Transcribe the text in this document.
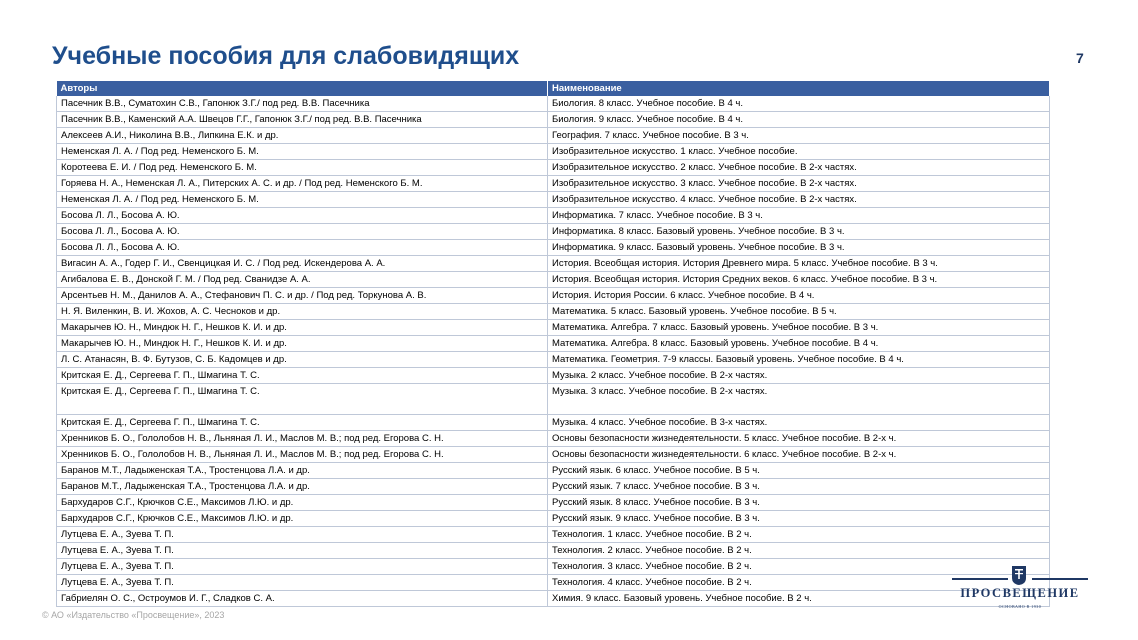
Учебные пособия для слабовидящих	7
Авторы	Наименование
Пасечник В.В., Суматохин С.В., Гапонюк З.Г./ под ред. В.В. Пасечника	Биология. 8 класс. Учебное пособие. В 4 ч.
Пасечник В.В., Каменский А.А. Швецов Г.Г., Гапонюк З.Г./ под ред. В.В. Пасечника	Биология. 9 класс. Учебное пособие. В 4 ч.
Алексеев А.И., Николина В.В., Липкина Е.К. и др.	География. 7 класс. Учебное пособие. В 3 ч.
Неменская Л. А. / Под ред. Неменского Б. М.	Изобразительное искусство. 1 класс. Учебное пособие.
Коротеева Е. И. / Под ред. Неменского Б. М.	Изобразительное искусство. 2 класс. Учебное пособие. В 2-х частях.
Горяева Н. А., Неменская Л. А., Питерских А. С. и др. / Под ред. Неменского Б. М.	Изобразительное искусство. 3 класс. Учебное пособие. В 2-х частях.
Неменская Л. А. / Под ред. Неменского Б. М.	Изобразительное искусство. 4 класс. Учебное пособие. В 2-х частях.
Босова Л. Л., Босова А. Ю.	Информатика. 7 класс. Учебное пособие. В 3 ч.
Босова Л. Л., Босова А. Ю.	Информатика. 8 класс. Базовый уровень. Учебное пособие. В 3 ч.
Босова Л. Л., Босова А. Ю.	Информатика. 9 класс. Базовый уровень. Учебное пособие. В 3 ч.
Вигасин А. А., Годер Г. И., Свенцицкая И. С. / Под ред. Искендерова А. А.	История. Всеобщая история. История Древнего мира. 5 класс. Учебное пособие. В 3 ч.
Агибалова Е. В., Донской Г. М. / Под ред. Сванидзе А. А.	История. Всеобщая история. История Средних веков. 6 класс. Учебное пособие. В 3 ч.
Арсентьев Н. М., Данилов А. А., Стефанович П. С. и др. / Под ред. Торкунова А. В.	История. История России. 6 класс. Учебное пособие. В 4 ч.
Н. Я. Виленкин, В. И. Жохов, А. С. Чесноков и др.	Математика. 5 класс. Базовый уровень. Учебное пособие. В 5 ч.
Макарычев Ю. Н., Миндюк Н. Г., Нешков К. И. и др.	Математика. Алгебра. 7 класс. Базовый уровень. Учебное пособие. В 3 ч.
Макарычев Ю. Н., Миндюк Н. Г., Нешков К. И. и др.	Математика. Алгебра. 8 класс. Базовый уровень. Учебное пособие. В 4 ч.
Л. С. Атанасян, В. Ф. Бутузов, С. Б. Кадомцев и др.	Математика. Геометрия. 7-9 классы. Базовый уровень. Учебное пособие. В 4 ч.
Критская Е. Д., Сергеева Г. П., Шмагина Т. С.	Музыка. 2 класс. Учебное пособие. В 2-х частях.
Критская Е. Д., Сергеева Г. П., Шмагина Т. С.	Музыка. 3 класс. Учебное пособие. В 2-х частях.
Критская Е. Д., Сергеева Г. П., Шмагина Т. С.	Музыка. 4 класс. Учебное пособие. В 3-х частях.
Хренников Б. О., Гололобов Н. В., Льняная Л. И., Маслов М. В.; под ред. Егорова С. Н.	Основы безопасности жизнедеятельности. 5 класс. Учебное пособие. В 2-х ч.
Хренников Б. О., Гололобов Н. В., Льняная Л. И., Маслов М. В.; под ред. Егорова С. Н.	Основы безопасности жизнедеятельности. 6 класс. Учебное пособие. В 2-х ч.
Баранов М.Т., Ладыженская Т.А., Тростенцова Л.А. и др.	Русский язык. 6 класс. Учебное пособие. В 5 ч.
Баранов М.Т., Ладыженская Т.А., Тростенцова Л.А. и др.	Русский язык. 7 класс. Учебное пособие. В 3 ч.
Бархударов С.Г., Крючков С.Е., Максимов Л.Ю. и др.	Русский язык. 8 класс. Учебное пособие. В 3 ч.
Бархударов С.Г., Крючков С.Е., Максимов Л.Ю. и др.	Русский язык. 9 класс. Учебное пособие. В 3 ч.
Лутцева Е. А., Зуева Т. П.	Технология. 1 класс. Учебное пособие. В 2 ч.
Лутцева Е. А., Зуева Т. П.	Технология. 2 класс. Учебное пособие. В 2 ч.
Лутцева Е. А., Зуева Т. П.	Технология. 3 класс. Учебное пособие. В 2 ч.
Лутцева Е. А., Зуева Т. П.	Технология. 4 класс. Учебное пособие. В 2 ч.
Габриелян О. С., Остроумов И. Г., Сладков С. А.	Химия. 9 класс. Базовый уровень. Учебное пособие. В 2 ч.
© АО «Издательство «Просвещение», 2023
ПРОСВЕЩЕНИЕ
ОСНОВАНО В 1930
